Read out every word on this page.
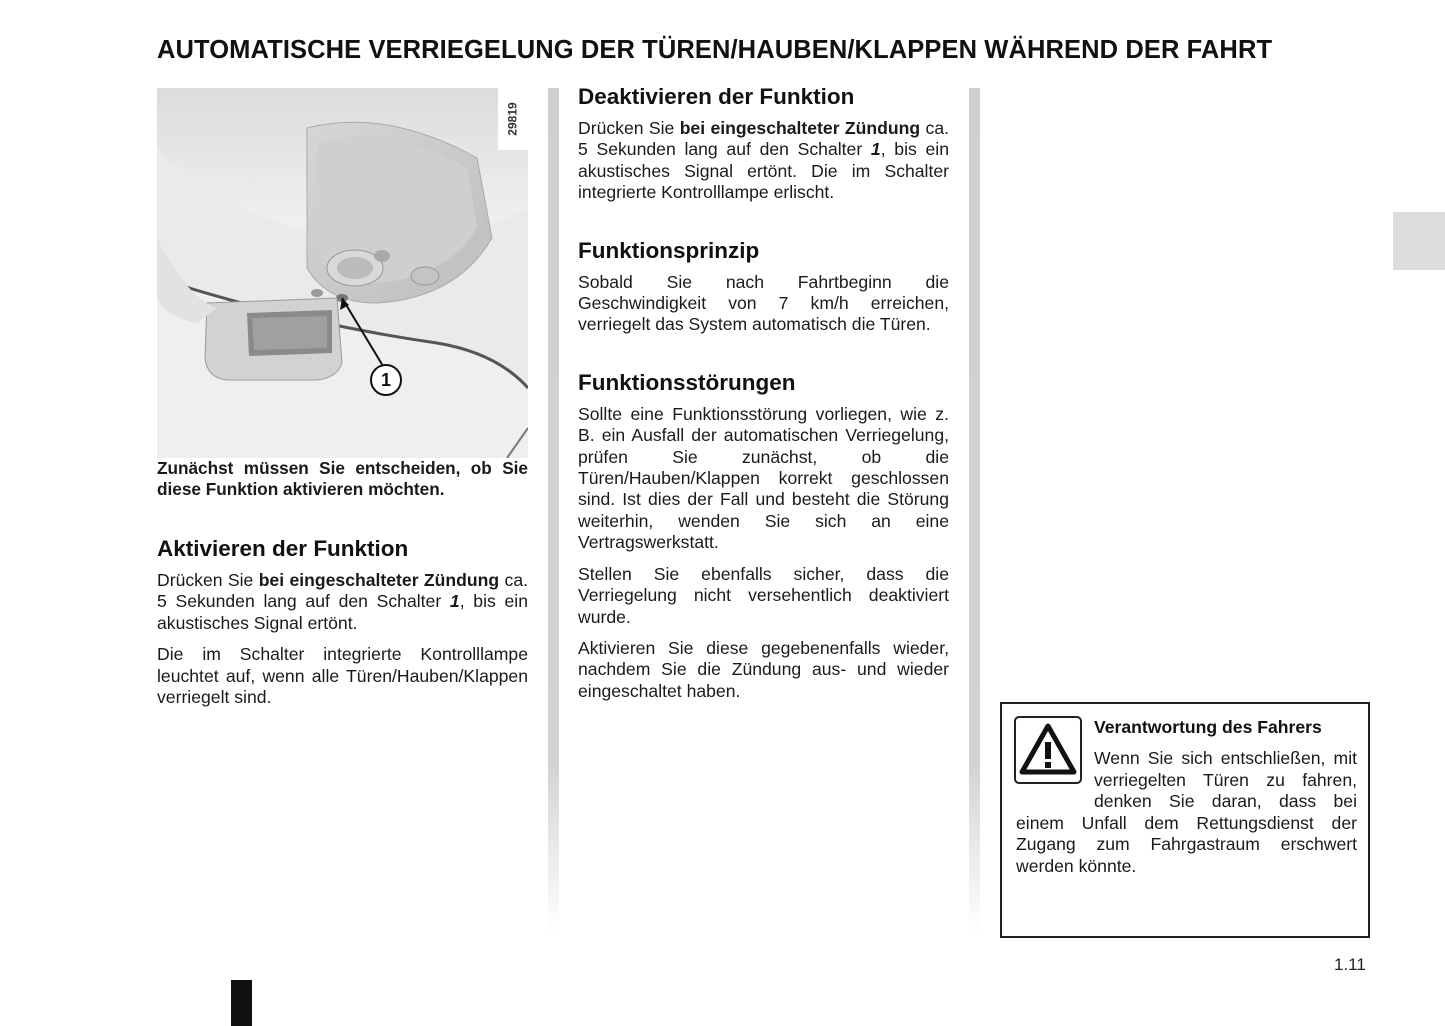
AUTOMATISCHE VERRIEGELUNG DER TÜREN/HAUBEN/KLAPPEN WÄHREND DER FAHRT
29819
1

Zunächst müssen Sie entscheiden, ob Sie diese Funktion aktivieren möchten.

Aktivieren der Funktion

Drücken Sie bei eingeschalteter Zündung ca. 5 Sekunden lang auf den Schalter 1, bis ein akustisches Signal ertönt.

Die im Schalter integrierte Kontrolllampe leuchtet auf, wenn alle Türen/Hauben/Klappen verriegelt sind.

Deaktivieren der Funktion

Drücken Sie bei eingeschalteter Zündung ca. 5 Sekunden lang auf den Schalter 1, bis ein akustisches Signal ertönt. Die im Schalter integrierte Kontrolllampe erlischt.

Funktionsprinzip

Sobald Sie nach Fahrtbeginn die Geschwindigkeit von 7 km/h erreichen, verriegelt das System automatisch die Türen.

Funktionsstörungen

Sollte eine Funktionsstörung vorliegen, wie z. B. ein Ausfall der automatischen Verriegelung, prüfen Sie zunächst, ob die Türen/Hauben/Klappen korrekt geschlossen sind. Ist dies der Fall und besteht die Störung weiterhin, wenden Sie sich an eine Vertragswerkstatt.

Stellen Sie ebenfalls sicher, dass die Verriegelung nicht versehentlich deaktiviert wurde.

Aktivieren Sie diese gegebenenfalls wieder, nachdem Sie die Zündung aus- und wieder eingeschaltet haben.

Verantwortung des Fahrers
Wenn Sie sich entschließen, mit verriegelten Türen zu fahren, denken Sie daran, dass bei einem Unfall dem Rettungsdienst der Zugang zum Fahrgastraum erschwert werden könnte.
1.11
